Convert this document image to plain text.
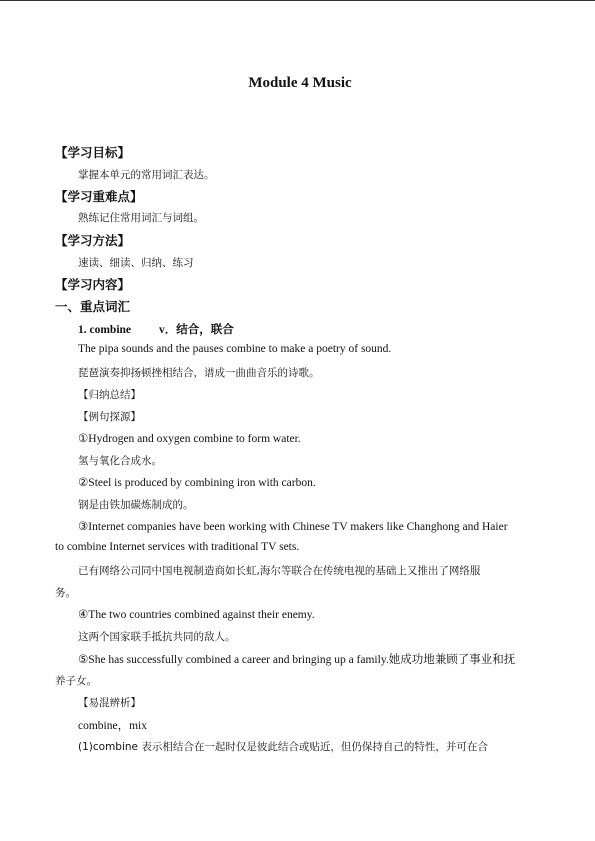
Module 4 Music
【学习目标】
掌握本单元的常用词汇表达。
【学习重难点】
熟练记住常用词汇与词组。
【学习方法】
速读、细读、归纳、练习
【学习内容】
一、重点词汇
1. combine v．结合，联合
The pipa sounds and the pauses combine to make a poetry of sound.
琵琶演奏抑扬顿挫相结合，谱成一曲曲音乐的诗歌。
【归纳总结】
【例句探源】
①Hydrogen and oxygen combine to form water.
氢与氧化合成水。
②Steel is produced by combining iron with carbon.
钢是由铁加碳炼制成的。
③Internet companies have been working with Chinese TV makers like Changhong and Haier
to combine Internet services with traditional TV sets.
已有网络公司同中国电视制造商如长虹,海尔等联合在传统电视的基础上又推出了网络服
务。
④The two countries combined against their enemy.
这两个国家联手抵抗共同的敌人。
⑤She has successfully combined a career and bringing up a family.她成功地兼顾了事业和抚
养子女。
【易混辨析】
combine，mix
(1)combine 表示相结合在一起时仅是彼此结合或贴近，但仍保持自己的特性，并可在合
